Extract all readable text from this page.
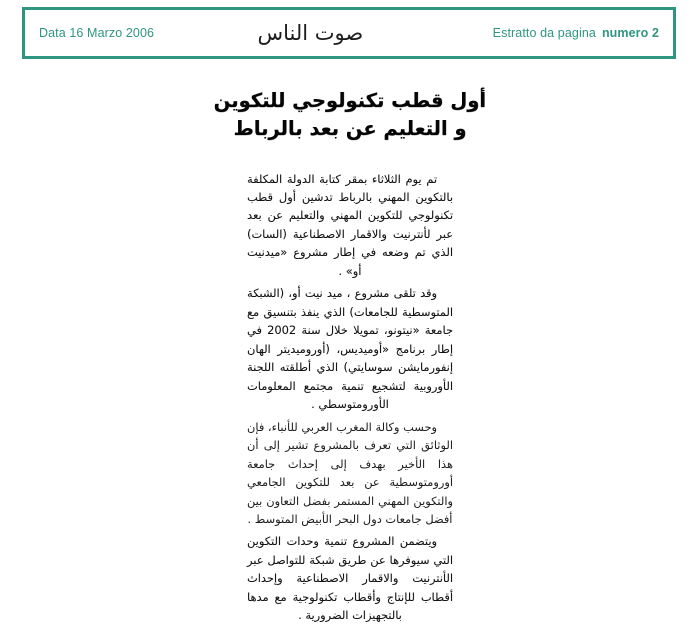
Data 16 Marzo 2006	صوت الناس	Estratto da pagina numero 2
أول قطب تكنولوجي للتكوين
و التعليم عن بعد بالرباط

تم يوم الثلاثاء بمقر كتابة الدولة المكلفة بالتكوين المهني بالرباط تدشين أول قطب تكنولوجي للتكوين المهني والتعليم عن بعد عبر لأنترنيت والاقمار الاصطناعية (السات) الذي تم وضعه في إطار مشروع «ميدنيت أو» .

وقد تلقى مشروع ، ميد نيت أو، (الشبكة المتوسطية للجامعات) الذي ينفذ بتنسيق مع جامعة «نيتونو، تمويلا خلال سنة 2002 في إطار برنامج «أوميديس، (أوروميديتر الهان إنفورمايشن سوسايتي) الذي أطلقته اللجنة الأوروبية لتشجيع تنمية مجتمع المعلومات الأورومتوسطي .

وحسب وكالة المغرب العربي للأنباء، فإن الوثائق التي تعرف بالمشروع تشير إلى أن هذا الأخير بهدف إلى إحداث جامعة أورومتوسطية عن بعد للتكوين الجامعي والتكوين المهني المستمر بفضل التعاون بين أفضل جامعات دول البحر الأبيض المتوسط .

ويتضمن المشروع تنمية وحدات التكوين التي سيوفرها عن طريق شبكة للتواصل عبر الأنترنيت والاقمار الاصطناعية وإحداث أقطاب للإنتاج وأقطاب تكنولوجية مع مدها بالتجهيزات الضرورية .
